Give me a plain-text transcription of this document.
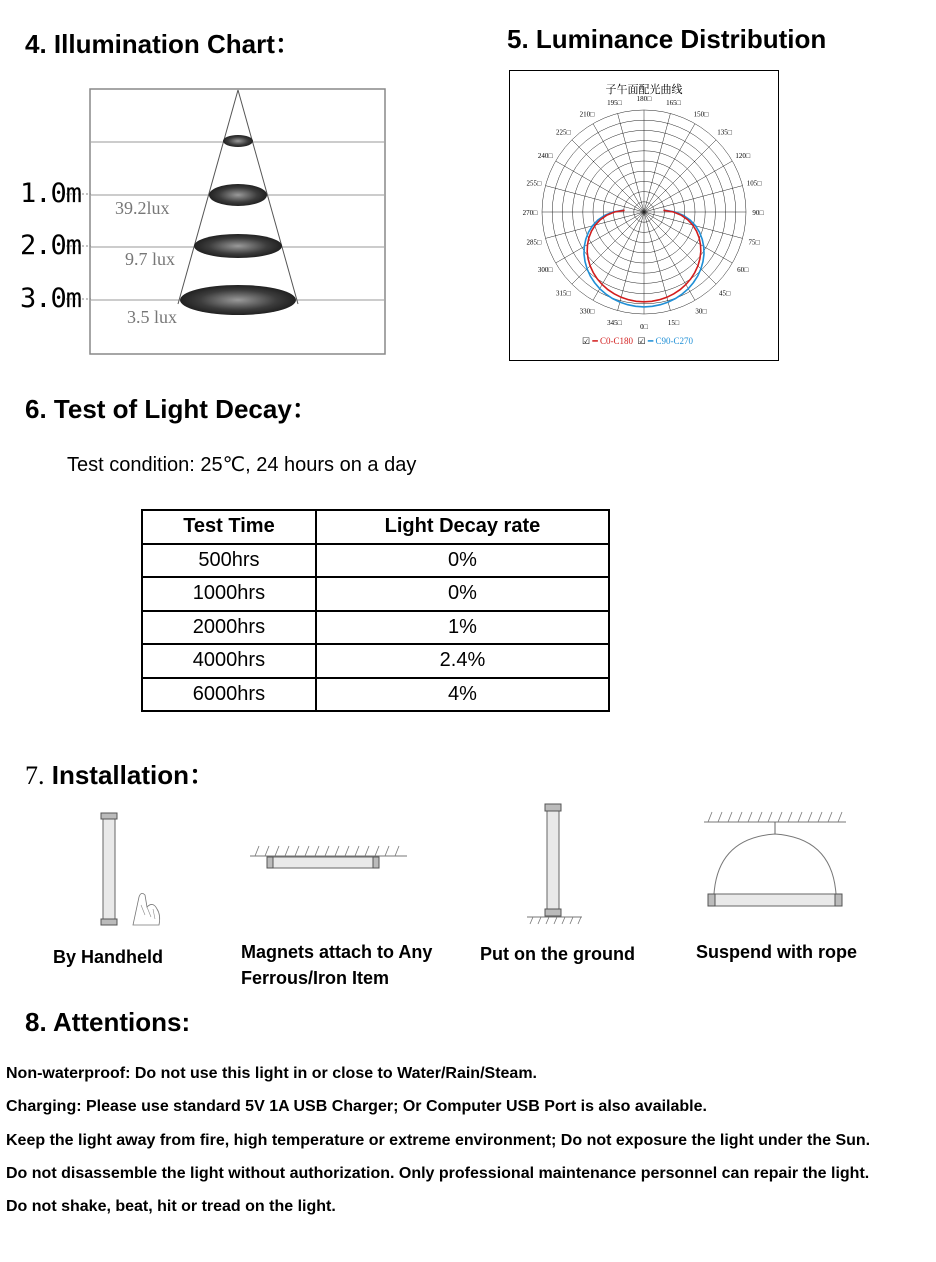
4. Illumination Chart：
1.0m
2.0m
3.0m
39.2lux
9.7 lux
3.5 lux
5. Luminance Distribution
子午面配光曲线
180□ 165□
150□
135□
120□
105□
90□
75□
60□
45□
30□
15□
0□
345□
330□
315□
300□
285□
270□
255□
240□
225□
210□
195□
☑ ━ C0-C180 ☑ ━ C90-C270
6. Test of Light Decay：
Test condition: 25℃, 24 hours on a day
Test Time	Light Decay rate
500hrs	0%
1000hrs	0%
2000hrs	1%
4000hrs	2.4%
6000hrs	4%
7. Installation：
By Handheld	Magnets attach to Any Ferrous/Iron Item
Put on the ground	Suspend with rope
8. Attentions:
Non-waterproof: Do not use this light in or close to Water/Rain/Steam.
Charging: Please use standard 5V 1A USB Charger; Or Computer USB Port is also available.
Keep the light away from fire, high temperature or extreme environment; Do not exposure the light under the Sun.
Do not disassemble the light without authorization. Only professional maintenance personnel can repair the light.
Do not shake, beat, hit or tread on the light.
